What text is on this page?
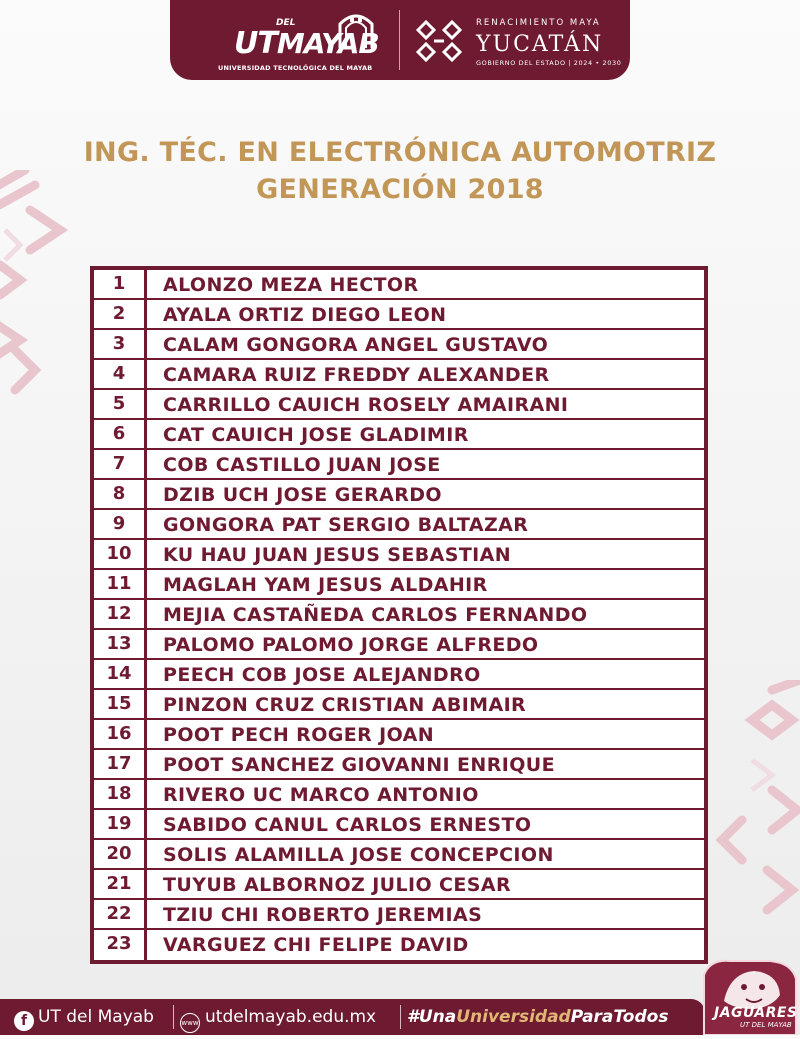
DEL
UTMAYAB
UNIVERSIDAD TECNOLÓGICA DEL MAYAB
RENACIMIENTO MAYA
YUCATÁN
GOBIERNO DEL ESTADO | 2024 • 2030
ING. TÉC. EN ELECTRÓNICA AUTOMOTRIZ
GENERACIÓN 2018
1	ALONZO MEZA HECTOR
2	AYALA ORTIZ DIEGO LEON
3	CALAM GONGORA ANGEL GUSTAVO
4	CAMARA RUIZ FREDDY ALEXANDER
5	CARRILLO CAUICH ROSELY AMAIRANI
6	CAT CAUICH JOSE GLADIMIR
7	COB CASTILLO JUAN JOSE
8	DZIB UCH JOSE GERARDO
9	GONGORA PAT SERGIO BALTAZAR
10	KU HAU JUAN JESUS SEBASTIAN
11	MAGLAH YAM JESUS ALDAHIR
12	MEJIA CASTAÑEDA CARLOS FERNANDO
13	PALOMO PALOMO JORGE ALFREDO
14	PEECH COB JOSE ALEJANDRO
15	PINZON CRUZ CRISTIAN ABIMAIR
16	POOT PECH ROGER JOAN
17	POOT SANCHEZ GIOVANNI ENRIQUE
18	RIVERO UC MARCO ANTONIO
19	SABIDO CANUL CARLOS ERNESTO
20	SOLIS ALAMILLA JOSE CONCEPCION
21	TUYUB ALBORNOZ JULIO CESAR
22	TZIU CHI ROBERTO JEREMIAS
23	VARGUEZ CHI FELIPE DAVID
f UT del Mayab	www utdelmayab.edu.mx #UnaUniversidadParaTodos	JAGUARES
UT DEL MAYAB
